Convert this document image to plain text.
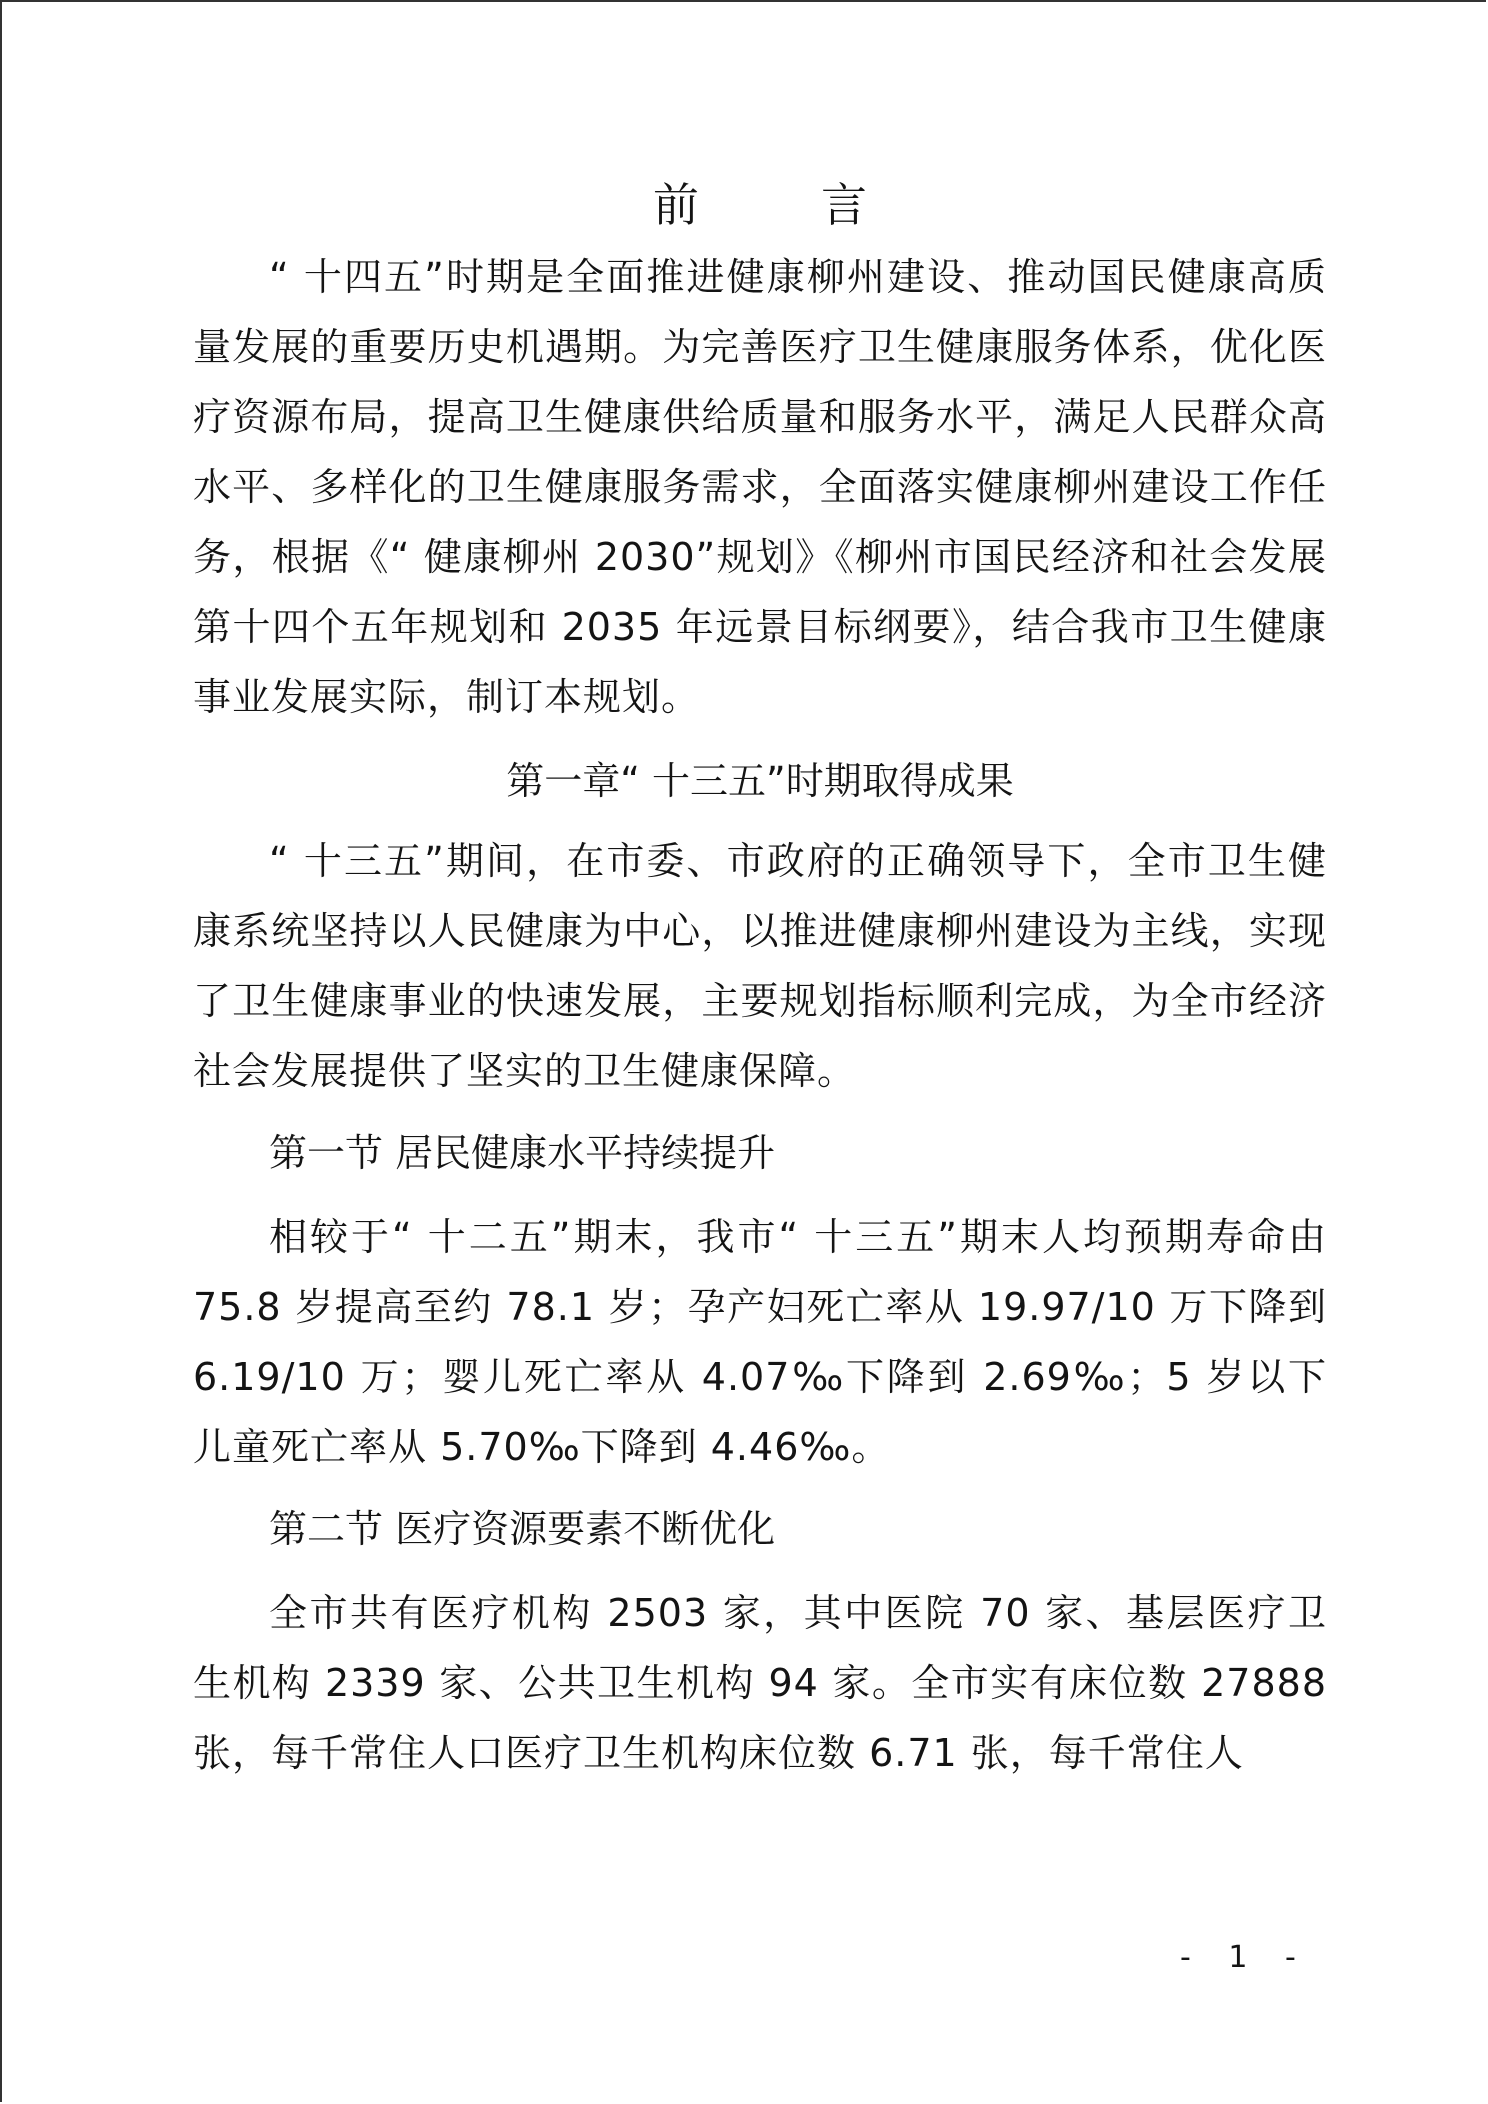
前　言

“ 十四五”时期是全面推进健康柳州建设、推动国民健康高质量发展的重要历史机遇期。为完善医疗卫生健康服务体系，优化医疗资源布局，提高卫生健康供给质量和服务水平，满足人民群众高水平、多样化的卫生健康服务需求，全面落实健康柳州建设工作任务，根据《“ 健康柳州 2030”规划》《柳州市国民经济和社会发展第十四个五年规划和 2035 年远景目标纲要》，结合我市卫生健康事业发展实际，制订本规划。

第一章“ 十三五”时期取得成果

“ 十三五”期间，在市委、市政府的正确领导下，全市卫生健康系统坚持以人民健康为中心，以推进健康柳州建设为主线，实现了卫生健康事业的快速发展，主要规划指标顺利完成，为全市经济社会发展提供了坚实的卫生健康保障。

第一节 居民健康水平持续提升

相较于“ 十二五”期末，我市“ 十三五”期末人均预期寿命由 75.8 岁提高至约 78.1 岁；孕产妇死亡率从 19.97/10 万下降到 6.19/10 万；婴儿死亡率从 4.07‰下降到 2.69‰；5 岁以下儿童死亡率从 5.70‰下降到 4.46‰。

第二节 医疗资源要素不断优化

全市共有医疗机构 2503 家，其中医院 70 家、基层医疗卫生机构 2339 家、公共卫生机构 94 家。全市实有床位数 27888 张，每千常住人口医疗卫生机构床位数 6.71 张，每千常住人

- 1 -
